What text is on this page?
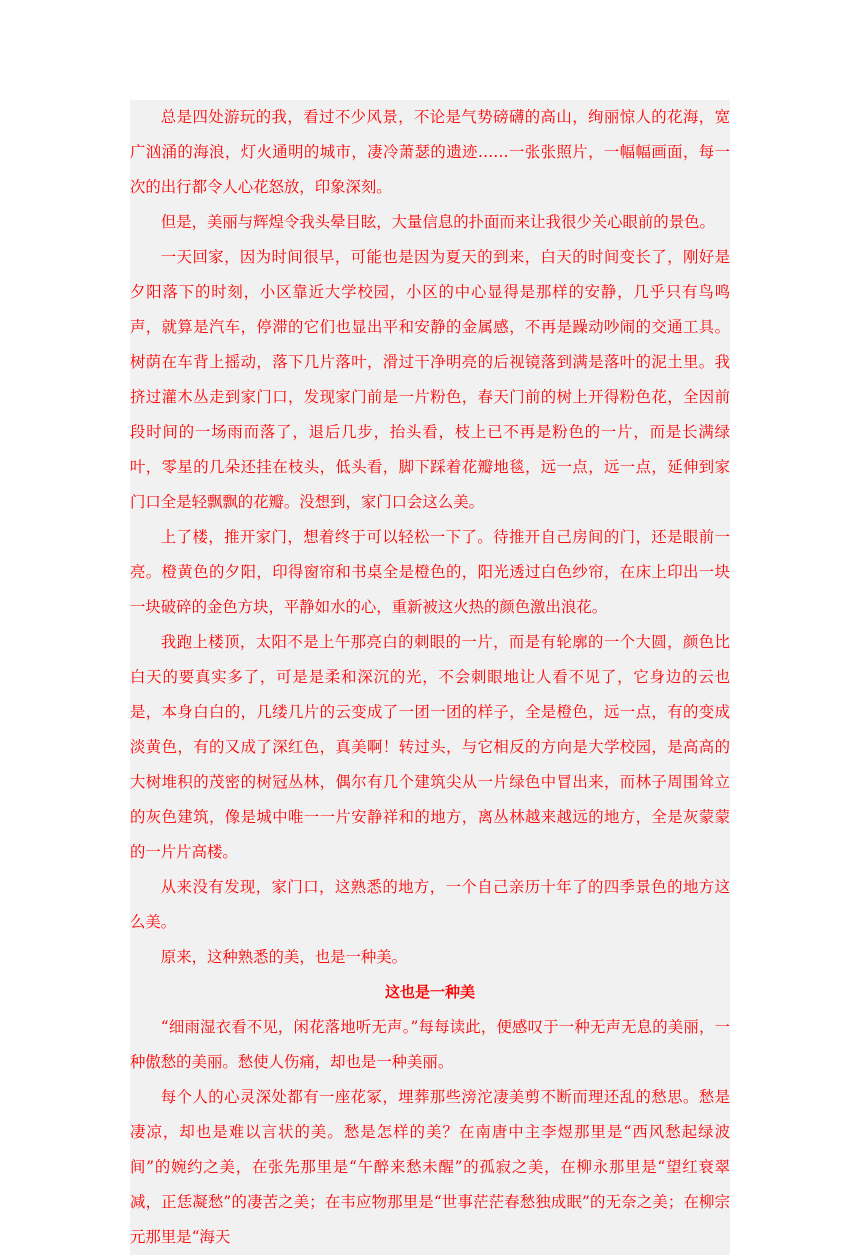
总是四处游玩的我，看过不少风景，不论是气势磅礴的高山，绚丽惊人的花海，宽广汹涌的海浪，灯火通明的城市，凄冷萧瑟的遗迹……一张张照片，一幅幅画面，每一次的出行都令人心花怒放，印象深刻。

但是，美丽与辉煌令我头晕目眩，大量信息的扑面而来让我很少关心眼前的景色。

一天回家，因为时间很早，可能也是因为夏天的到来，白天的时间变长了，刚好是夕阳落下的时刻，小区靠近大学校园，小区的中心显得是那样的安静，几乎只有鸟鸣声，就算是汽车，停滞的它们也显出平和安静的金属感，不再是躁动吵闹的交通工具。树荫在车背上摇动，落下几片落叶，滑过干净明亮的后视镜落到满是落叶的泥土里。我挤过灌木丛走到家门口，发现家门前是一片粉色，春天门前的树上开得粉色花，全因前段时间的一场雨而落了，退后几步，抬头看，枝上已不再是粉色的一片，而是长满绿叶，零星的几朵还挂在枝头，低头看，脚下踩着花瓣地毯，远一点，远一点，延伸到家门口全是轻飘飘的花瓣。没想到，家门口会这么美。

上了楼，推开家门，想着终于可以轻松一下了。待推开自己房间的门，还是眼前一亮。橙黄色的夕阳，印得窗帘和书桌全是橙色的，阳光透过白色纱帘，在床上印出一块一块破碎的金色方块，平静如水的心，重新被这火热的颜色激出浪花。

我跑上楼顶，太阳不是上午那亮白的刺眼的一片，而是有轮廓的一个大圆，颜色比白天的要真实多了，可是是柔和深沉的光，不会刺眼地让人看不见了，它身边的云也是，本身白白的，几缕几片的云变成了一团一团的样子，全是橙色，远一点，有的变成淡黄色，有的又成了深红色，真美啊！转过头，与它相反的方向是大学校园，是高高的大树堆积的茂密的树冠丛林，偶尔有几个建筑尖从一片绿色中冒出来，而林子周围耸立的灰色建筑，像是城中唯一一片安静祥和的地方，离丛林越来越远的地方，全是灰蒙蒙的一片片高楼。

从来没有发现，家门口，这熟悉的地方，一个自己亲历十年了的四季景色的地方这么美。

原来，这种熟悉的美，也是一种美。

这也是一种美

“细雨湿衣看不见，闲花落地听无声。”每每读此，便感叹于一种无声无息的美丽，一种傲愁的美丽。愁使人伤痛，却也是一种美丽。

每个人的心灵深处都有一座花冢，埋葬那些滂沱凄美剪不断而理还乱的愁思。愁是凄凉，却也是难以言状的美。愁是怎样的美？在南唐中主李煜那里是“西风愁起绿波间”的婉约之美，在张先那里是“午醉来愁未醒”的孤寂之美，在柳永那里是“望红衰翠减，正恁凝愁”的凄苦之美；在韦应物那里是“世事茫茫春愁独成眠”的无奈之美；在柳宗元那里是“海天
